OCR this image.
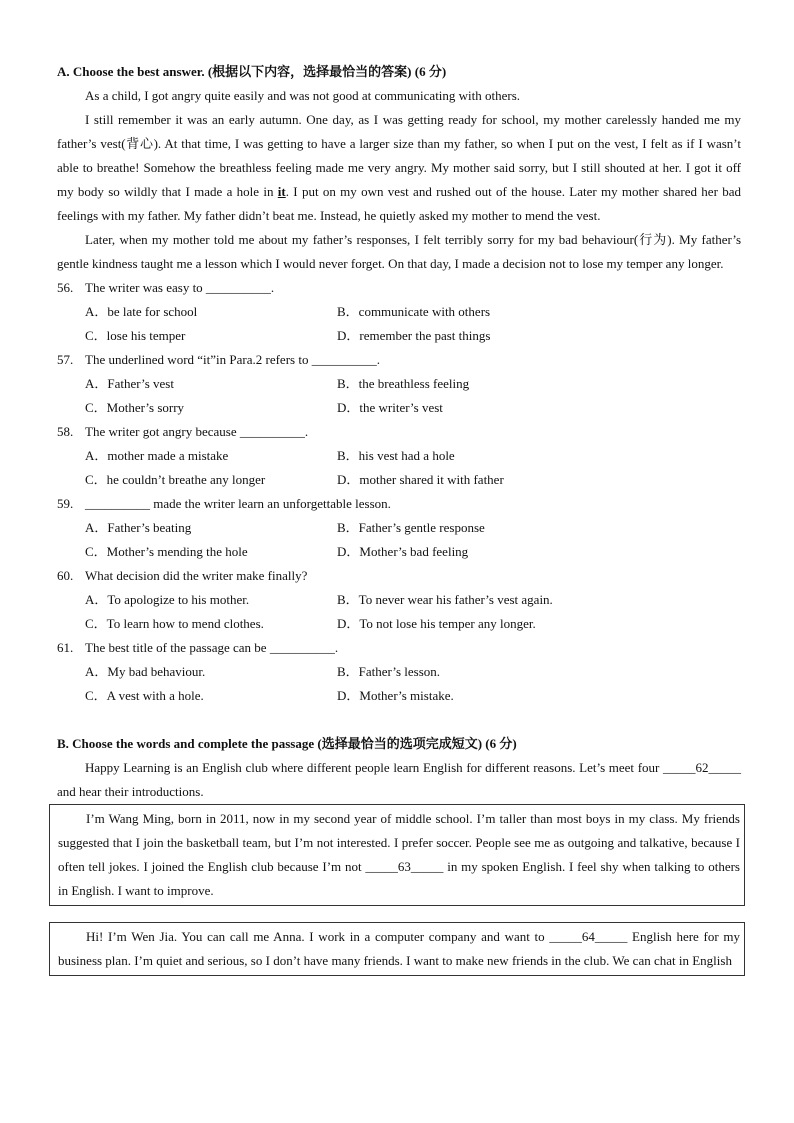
A. Choose the best answer. (根据以下内容，选择最恰当的答案) (6 分)

As a child, I got angry quite easily and was not good at communicating with others.

I still remember it was an early autumn. One day, as I was getting ready for school, my mother carelessly handed me my father’s vest(背心). At that time, I was getting to have a larger size than my father, so when I put on the vest, I felt as if I wasn’t able to breathe! Somehow the breathless feeling made me very angry. My mother said sorry, but I still shouted at her. I got it off my body so wildly that I made a hole in it. I put on my own vest and rushed out of the house. Later my mother shared her bad feelings with my father. My father didn’t beat me. Instead, he quietly asked my mother to mend the vest.

Later, when my mother told me about my father’s responses, I felt terribly sorry for my bad behaviour(行为). My father’s gentle kindness taught me a lesson which I would never forget. On that day, I made a decision not to lose my temper any longer.

56. The writer was easy to __________.
A．be late for school	B．communicate with others
C．lose his temper	D．remember the past things
57. The underlined word “it”in Para.2 refers to __________.
A．Father’s vest	B．the breathless feeling
C．Mother’s sorry	D．the writer’s vest
58. The writer got angry because __________.
A．mother made a mistake	B．his vest had a hole
C．he couldn’t breathe any longer	D．mother shared it with father
59. __________ made the writer learn an unforgettable lesson.
A．Father’s beating	B．Father’s gentle response
C．Mother’s mending the hole	D．Mother’s bad feeling
60. What decision did the writer make finally?
A．To apologize to his mother.	B．To never wear his father’s vest again.
C．To learn how to mend clothes.	D．To not lose his temper any longer.
61. The best title of the passage can be __________.
A．My bad behaviour.	B．Father’s lesson.
C．A vest with a hole.	D．Mother’s mistake.
B. Choose the words and complete the passage (选择最恰当的选项完成短文) (6 分)

Happy Learning is an English club where different people learn English for different reasons. Let’s meet four _____62_____ and hear their introductions.

I’m Wang Ming, born in 2011, now in my second year of middle school. I’m taller than most boys in my class. My friends suggested that I join the basketball team, but I’m not interested. I prefer soccer. People see me as outgoing and talkative, because I often tell jokes. I joined the English club because I’m not _____63_____ in my spoken English. I feel shy when talking to others in English. I want to improve.

Hi! I’m Wen Jia. You can call me Anna. I work in a computer company and want to _____64_____ English here for my business plan. I’m quiet and serious, so I don’t have many friends. I want to make new friends in the club. We can chat in English
